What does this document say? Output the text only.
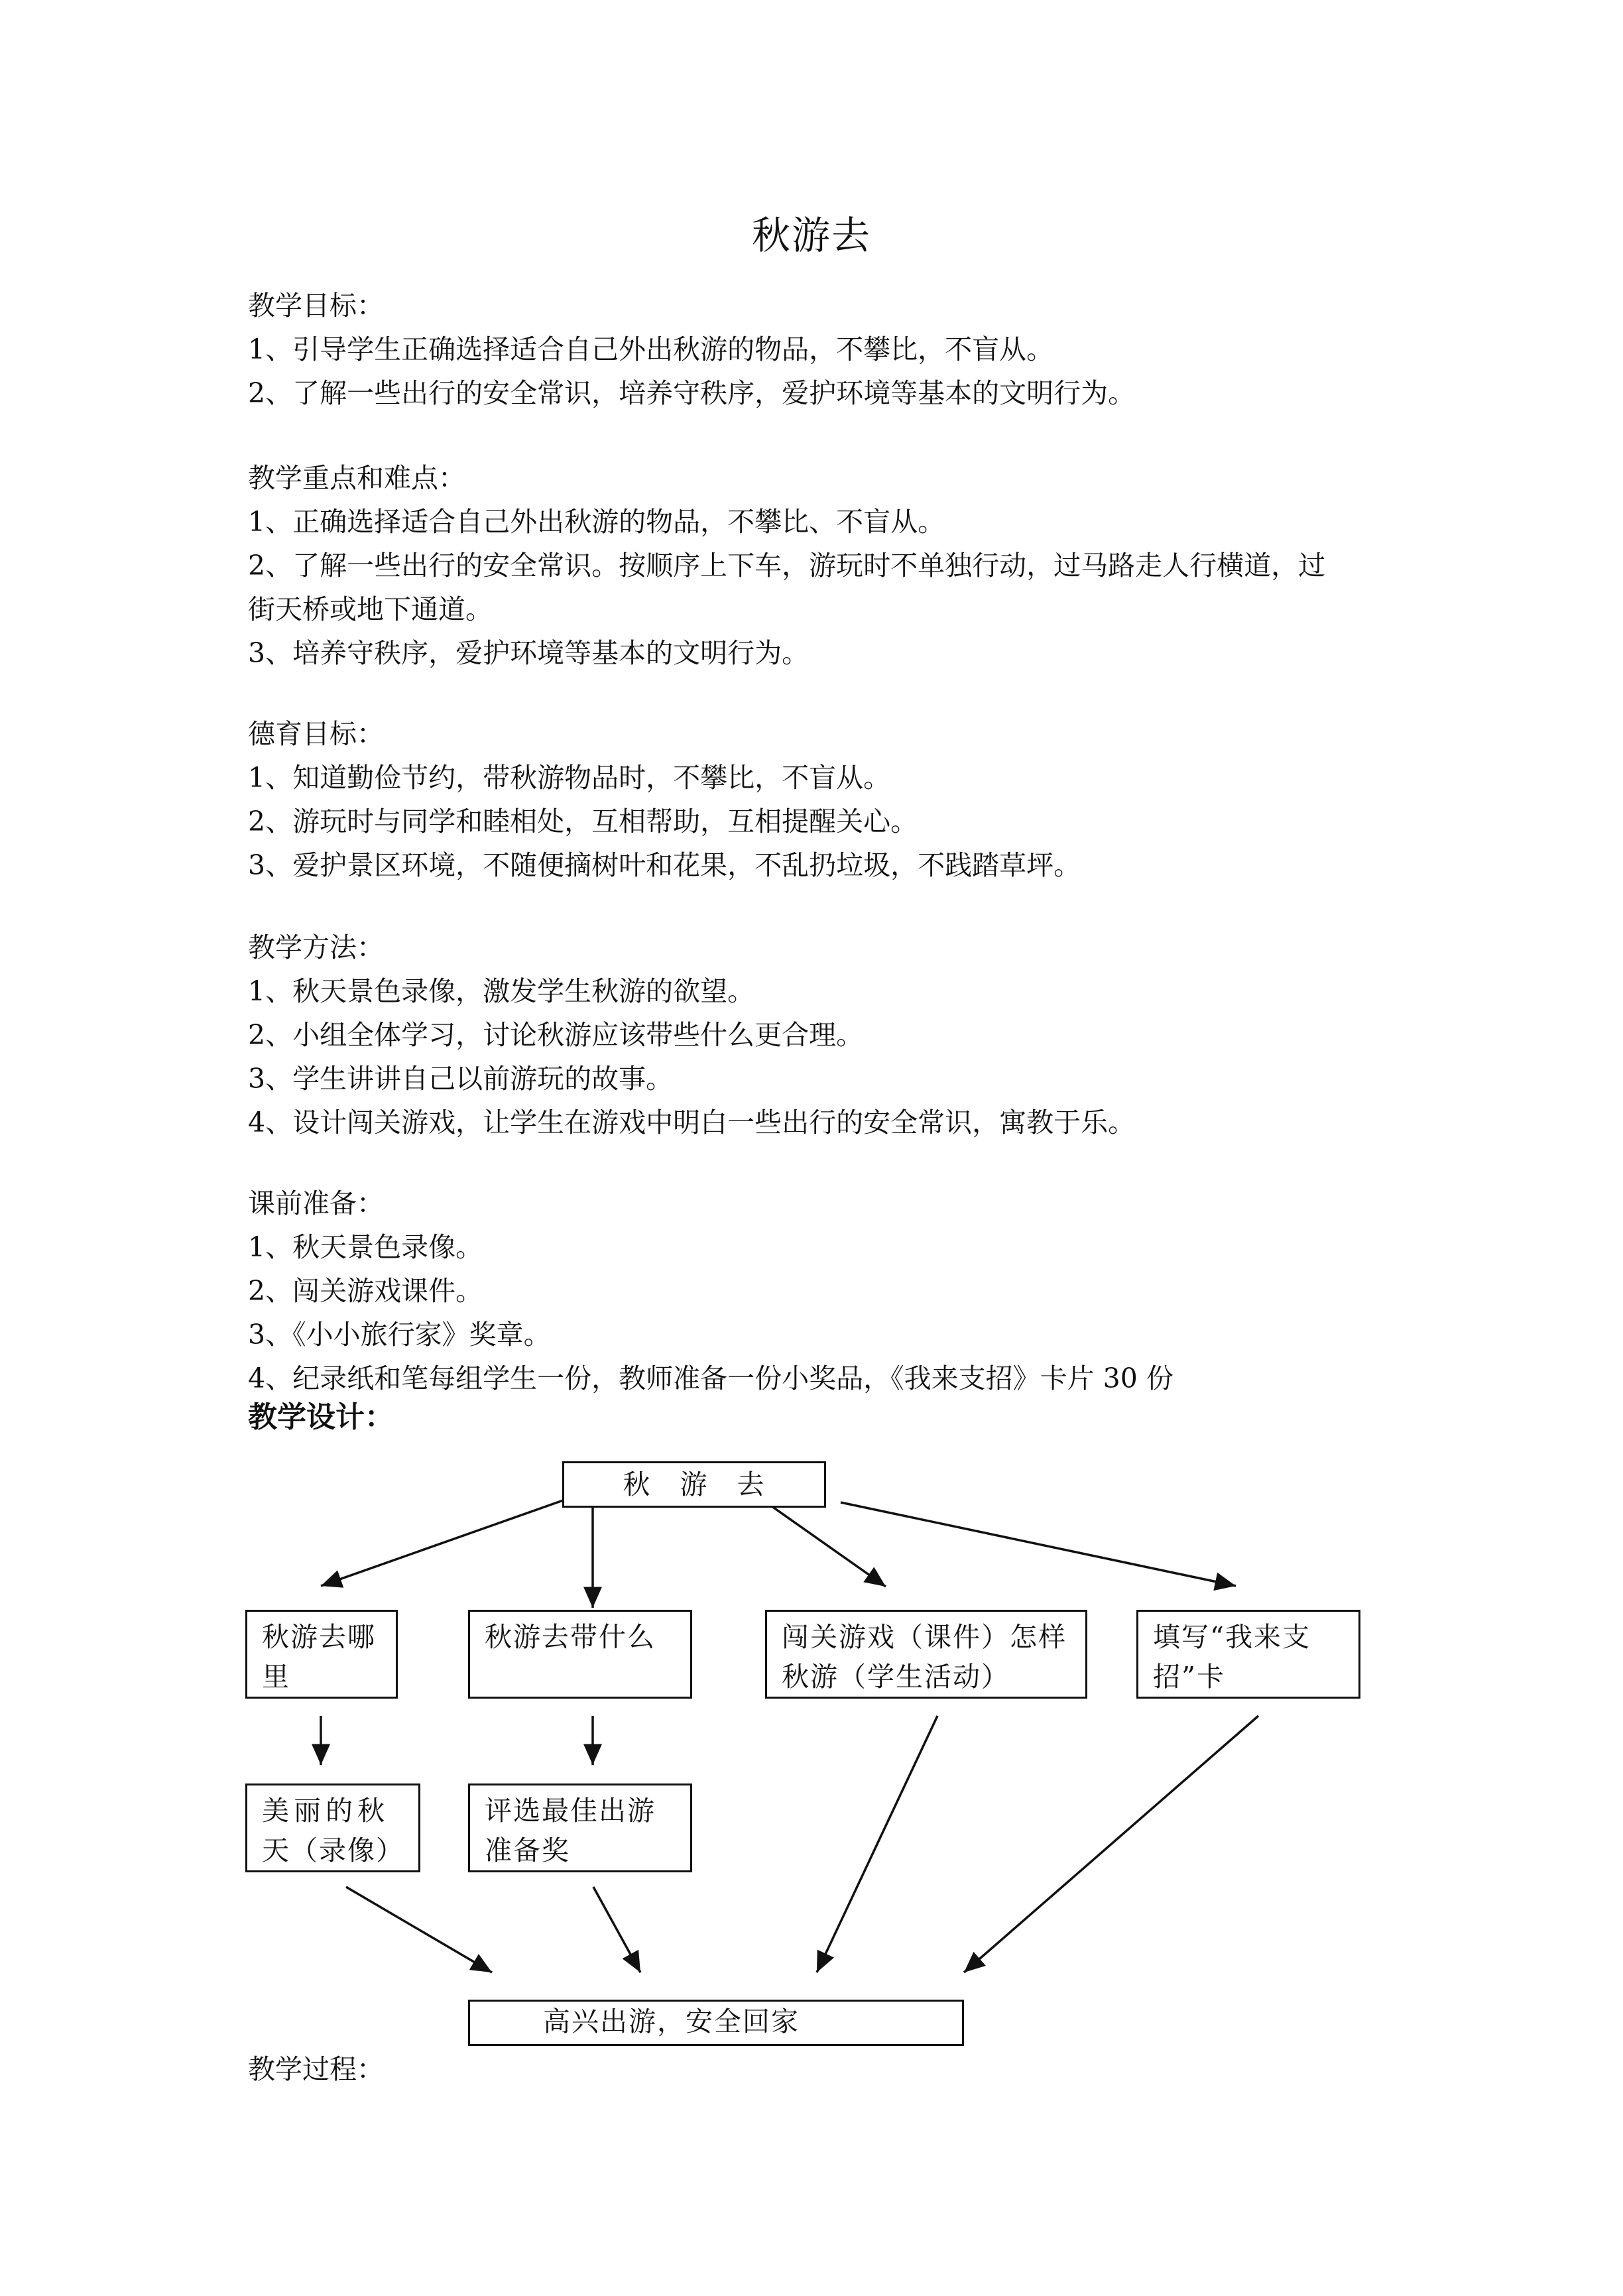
秋游去
教学目标：
1、引导学生正确选择适合自己外出秋游的物品，不攀比，不盲从。
2、了解一些出行的安全常识，培养守秩序，爱护环境等基本的文明行为。
教学重点和难点：
1、正确选择适合自己外出秋游的物品，不攀比、不盲从。
2、了解一些出行的安全常识。按顺序上下车，游玩时不单独行动，过马路走人行横道，过
街天桥或地下通道。
3、培养守秩序，爱护环境等基本的文明行为。
德育目标：
1、知道勤俭节约，带秋游物品时，不攀比，不盲从。
2、游玩时与同学和睦相处，互相帮助，互相提醒关心。
3、爱护景区环境，不随便摘树叶和花果，不乱扔垃圾，不践踏草坪。
教学方法：
1、秋天景色录像，激发学生秋游的欲望。
2、小组全体学习，讨论秋游应该带些什么更合理。
3、学生讲讲自己以前游玩的故事。
4、设计闯关游戏，让学生在游戏中明白一些出行的安全常识，寓教于乐。
课前准备：
1、秋天景色录像。
2、闯关游戏课件。
3、《小小旅行家》奖章。
4、纪录纸和笔每组学生一份，教师准备一份小奖品，《我来支招》卡片 30 份
教学设计：
秋　游　去
秋游去哪
里
秋游去带什么	闯关游戏（课件）怎样
秋游（学生活动）
填写“我来支
招”卡
美丽的秋
天（录像）
评选最佳出游
准备奖
高兴出游，安全回家
教学过程：
